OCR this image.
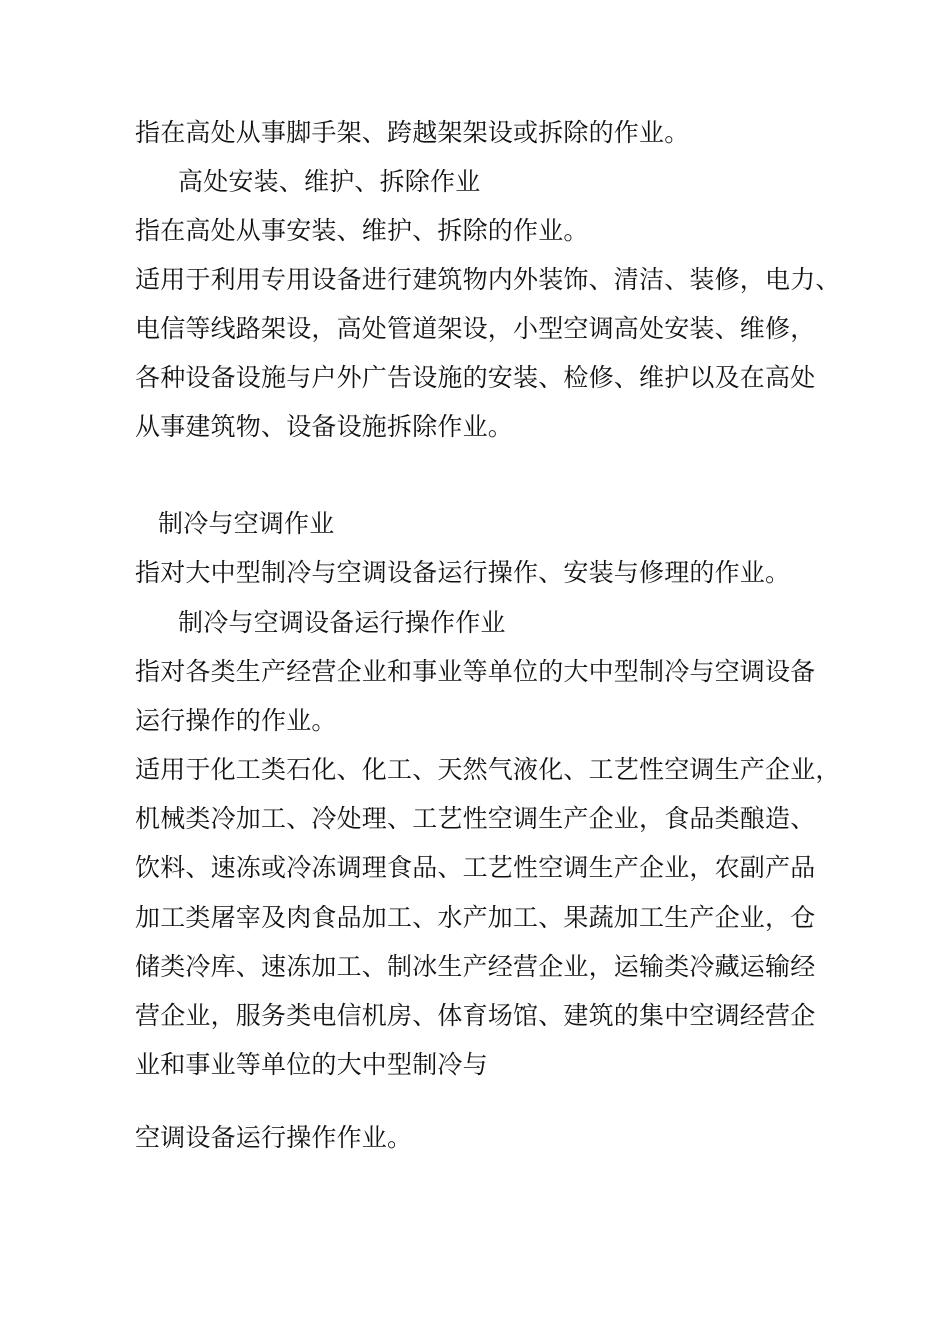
指在高处从事脚手架、跨越架架设或拆除的作业。
高处安装、维护、拆除作业
指在高处从事安装、维护、拆除的作业。
适用于利用专用设备进行建筑物内外装饰、清洁、装修，电力、
电信等线路架设，高处管道架设，小型空调高处安装、维修，
各种设备设施与户外广告设施的安装、检修、维护以及在高处
从事建筑物、设备设施拆除作业。
制冷与空调作业
指对大中型制冷与空调设备运行操作、安装与修理的作业。
制冷与空调设备运行操作作业
指对各类生产经营企业和事业等单位的大中型制冷与空调设备
运行操作的作业。
适用于化工类石化、化工、天然气液化、工艺性空调生产企业，
机械类冷加工、冷处理、工艺性空调生产企业，食品类酿造、
饮料、速冻或冷冻调理食品、工艺性空调生产企业，农副产品
加工类屠宰及肉食品加工、水产加工、果蔬加工生产企业，仓
储类冷库、速冻加工、制冰生产经营企业，运输类冷藏运输经
营企业，服务类电信机房、体育场馆、建筑的集中空调经营企
业和事业等单位的大中型制冷与
空调设备运行操作作业。
